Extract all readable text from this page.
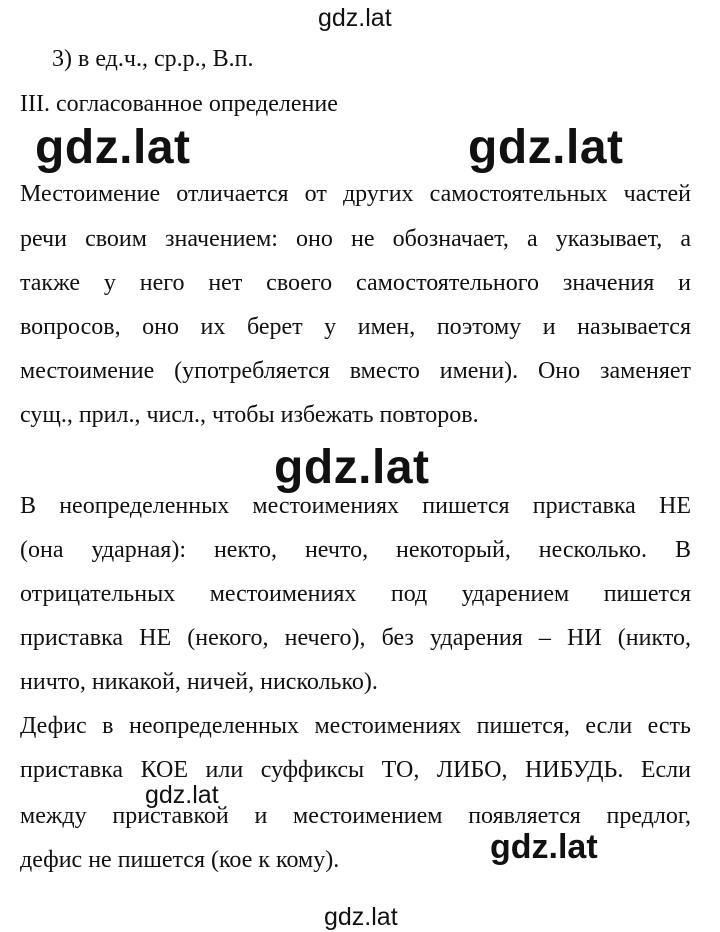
gdz.lat
3) в ед.ч., ср.р., В.п.
III. согласованное определение
gdz.lat	gdz.lat
Местоимение отличается от других самостоятельных частей
речи своим значением: оно не обозначает, а указывает, а
также у него нет своего самостоятельного значения и
вопросов, оно их берет у имен, поэтому и называется
местоимение (употребляется вместо имени). Оно заменяет
сущ., прил., числ., чтобы избежать повторов.
gdz.lat
В неопределенных местоимениях пишется приставка НЕ
(она ударная): некто, нечто, некоторый, несколько. В
отрицательных местоимениях под ударением пишется
приставка НЕ (некого, нечего), без ударения – НИ (никто,
ничто, никакой, ничей, нисколько).
Дефис в неопределенных местоимениях пишется, если есть
приставка КОЕ или суффиксы ТО, ЛИБО, НИБУДЬ. Если
между приставкой и местоимением появляется предлог,
дефис не пишется (кое к кому).
gdz.lat
gdz.lat
gdz.lat
